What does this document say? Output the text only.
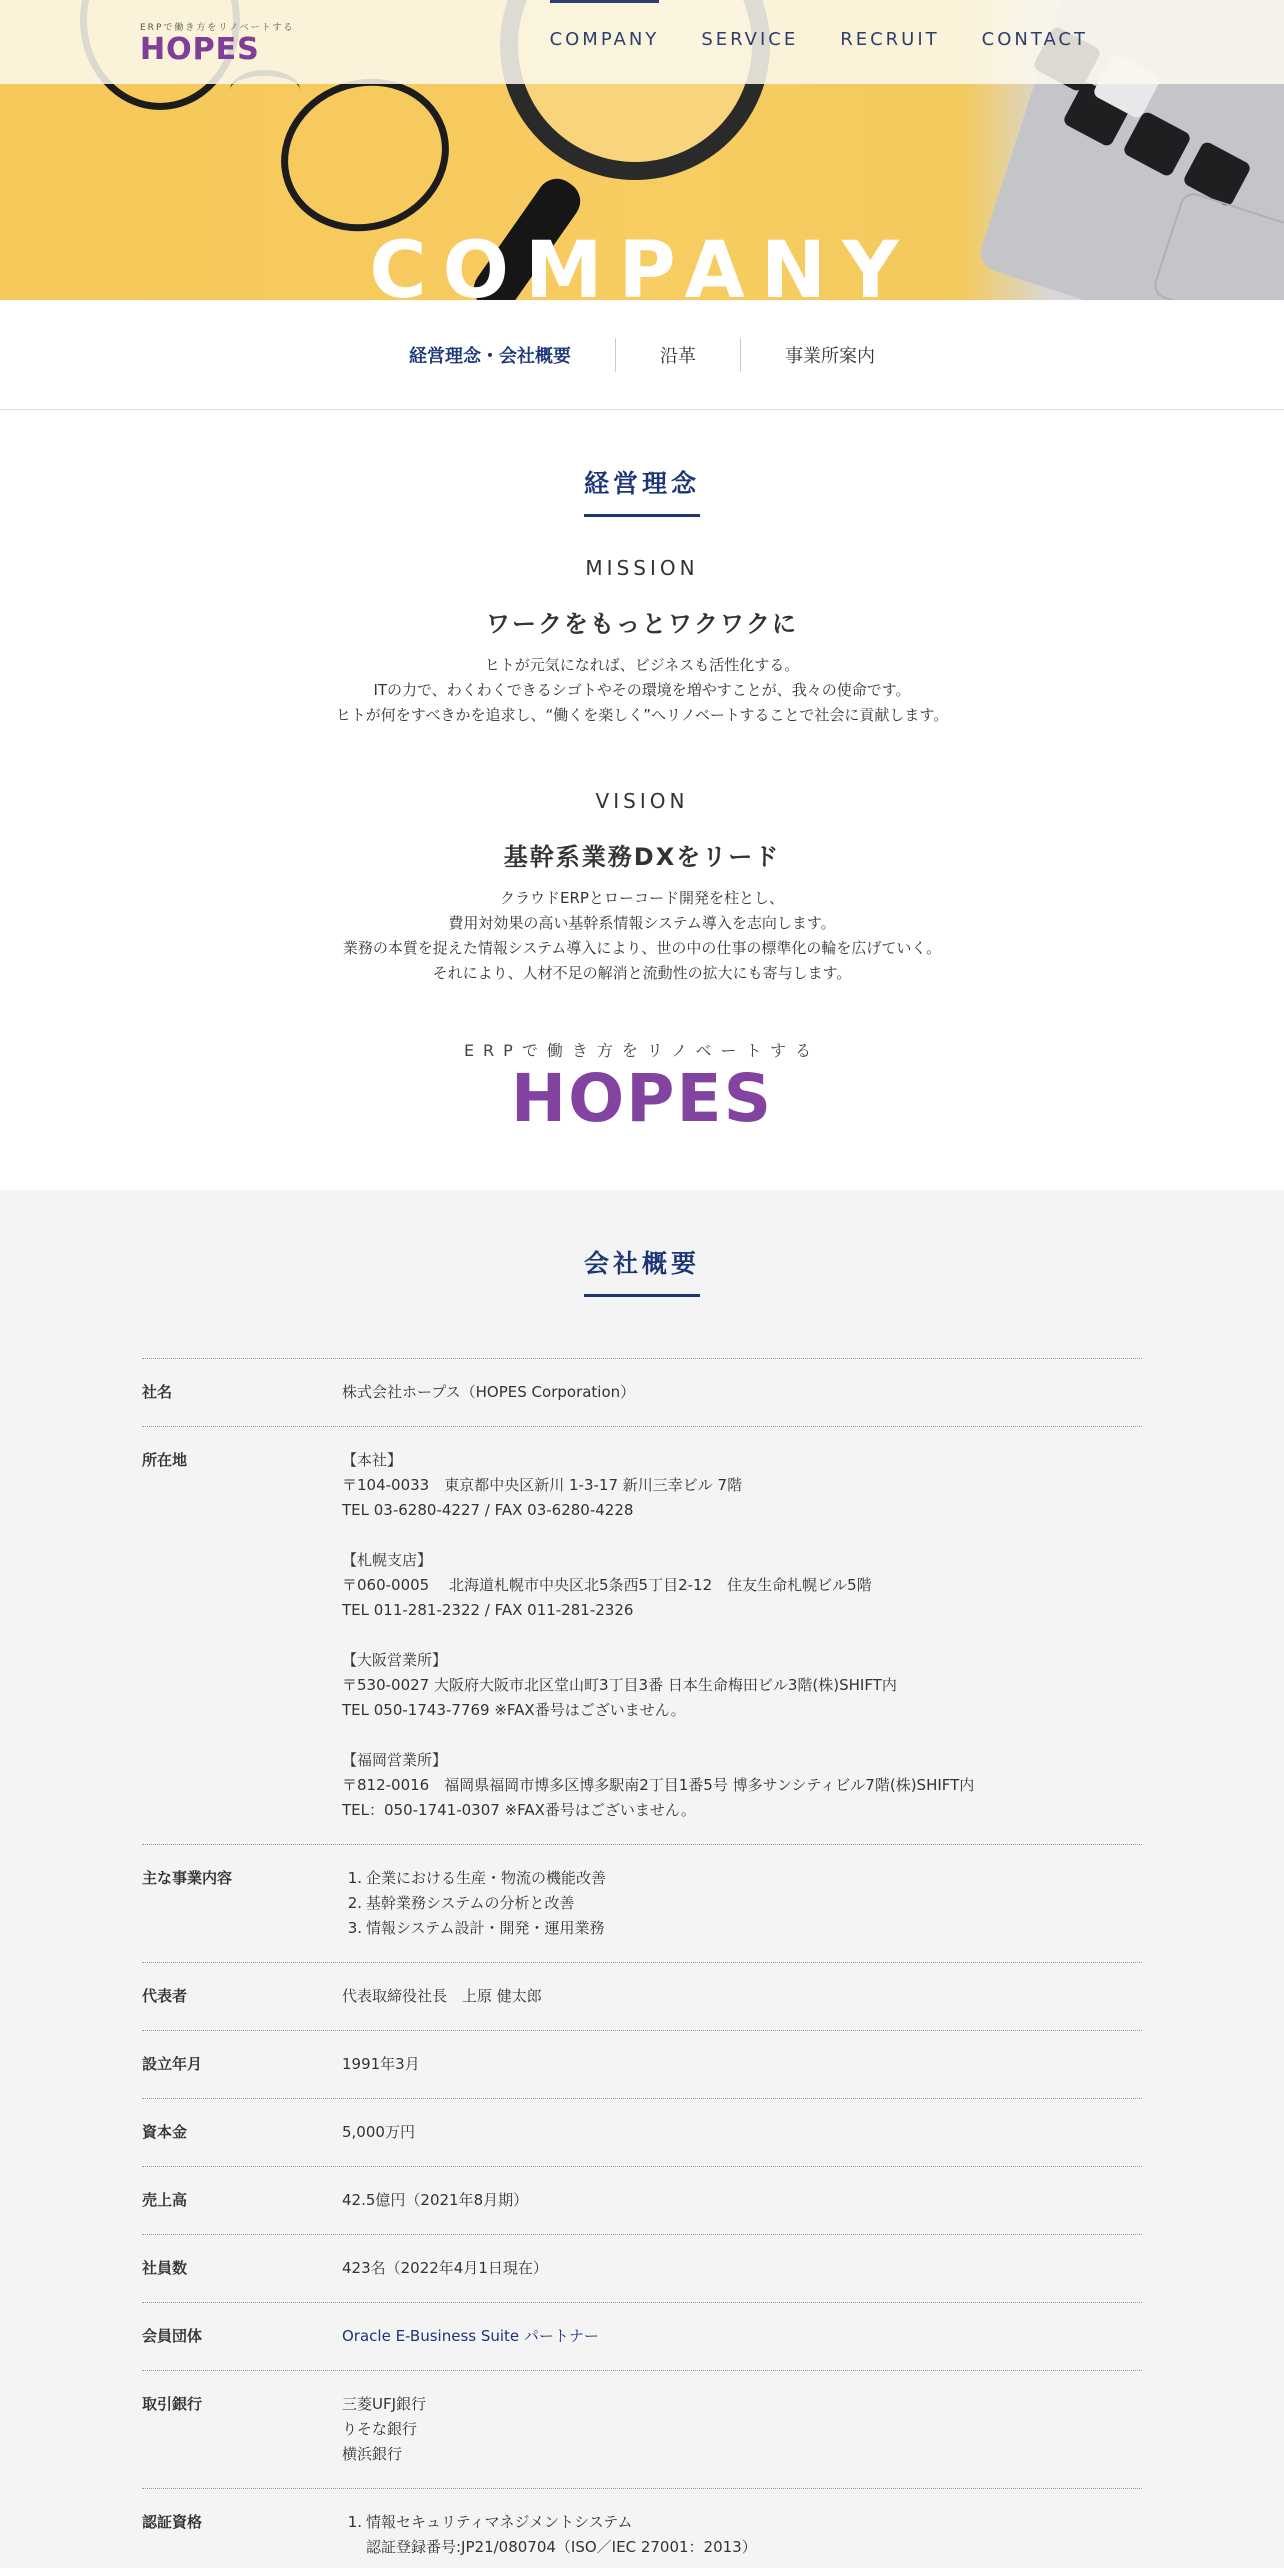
COMPANY
ERPで働き方をリノベートする
HOPES	COMPANY SERVICE RECRUIT CONTACT
経営理念・会社概要	沿革	事業所案内
経営理念
MISSION
ワークをもっとワクワクに
ヒトが元気になれば、ビジネスも活性化する。
ITの力で、わくわくできるシゴトやその環境を増やすことが、我々の使命です。
ヒトが何をすべきかを追求し、“働くを楽しく”へリノベートすることで社会に貢献します。
VISION
基幹系業務DXをリード
クラウドERPとローコード開発を柱とし、
費用対効果の高い基幹系情報システム導入を志向します。
業務の本質を捉えた情報システム導入により、世の中の仕事の標準化の輪を広げていく。
それにより、人材不足の解消と流動性の拡大にも寄与します。
ERPで働き方をリノベートする
HOPES
会社概要
社名	株式会社ホープス（HOPES Corporation）
所在地	【本社】
〒104-0033　東京都中央区新川 1-3-17 新川三幸ビル 7階
TEL 03-6280-4227 / FAX 03-6280-4228
【札幌支店】
〒060-0005　 北海道札幌市中央区北5条西5丁目2-12　住友生命札幌ビル5階
TEL 011-281-2322 / FAX 011-281-2326
【大阪営業所】
〒530-0027 大阪府大阪市北区堂山町3丁目3番 日本生命梅田ビル3階(株)SHIFT内
TEL 050-1743-7769 ※FAX番号はございません。
【福岡営業所】
〒812-0016　福岡県福岡市博多区博多駅南2丁目1番5号 博多サンシティビル7階(株)SHIFT内
TEL：050-1741-0307 ※FAX番号はございません。
主な事業内容	1. 企業における生産・物流の機能改善
2. 基幹業務システムの分析と改善
3. 情報システム設計・開発・運用業務
代表者	代表取締役社長　上原 健太郎
設立年月	1991年3月
資本金	5,000万円
売上高	42.5億円（2021年8月期）
社員数	423名（2022年4月1日現在）
会員団体	Oracle E-Business Suite パートナー
取引銀行	三菱UFJ銀行
りそな銀行
横浜銀行
認証資格	1. 情報セキュリティマネジメントシステム
認証登録番号:JP21/080704（ISO／IEC 27001：2013）
